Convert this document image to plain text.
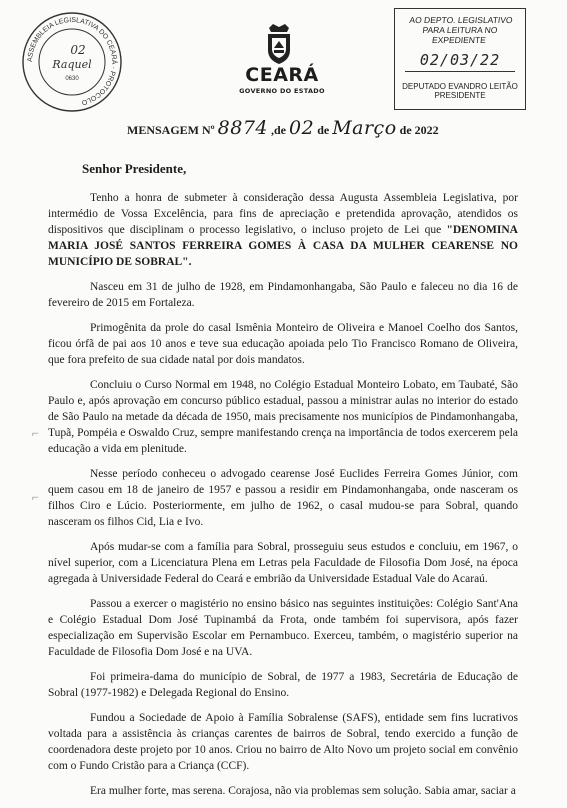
ASSEMBLEIA LEGISLATIVA DO CEARÁ · PROTOCOLO
02
Raquel
0630
AO DEPTO. LEGISLATIVO
PARA LEITURA NO EXPEDIENTE
02/03/22
DEPUTADO EVANDRO LEITÃO
PRESIDENTE
CEARÁ
GOVERNO DO ESTADO
MENSAGEM Nº 8874 ,de 02 de Março de 2022
Senhor Presidente,
⌐
⌐

Tenho a honra de submeter à consideração dessa Augusta Assembleia Legislativa, por intermédio de Vossa Excelência, para fins de apreciação e pretendida aprovação, atendidos os dispositivos que disciplinam o processo legislativo, o incluso projeto de Lei que "DENOMINA MARIA JOSÉ SANTOS FERREIRA GOMES À CASA DA MULHER CEARENSE NO MUNICÍPIO DE SOBRAL".

Nasceu em 31 de julho de 1928, em Pindamonhangaba, São Paulo e faleceu no dia 16 de fevereiro de 2015 em Fortaleza.

Primogênita da prole do casal Ismênia Monteiro de Oliveira e Manoel Coelho dos Santos, ficou órfã de pai aos 10 anos e teve sua educação apoiada pelo Tio Francisco Romano de Oliveira, que fora prefeito de sua cidade natal por dois mandatos.

Concluiu o Curso Normal em 1948, no Colégio Estadual Monteiro Lobato, em Taubaté, São Paulo e, após aprovação em concurso público estadual, passou a ministrar aulas no interior do estado de São Paulo na metade da década de 1950, mais precisamente nos municípios de Pindamonhangaba, Tupã, Pompéia e Oswaldo Cruz, sempre manifestando crença na importância de todos exercerem pela educação a vida em plenitude.

Nesse período conheceu o advogado cearense José Euclides Ferreira Gomes Júnior, com quem casou em 18 de janeiro de 1957 e passou a residir em Pindamonhangaba, onde nasceram os filhos Ciro e Lúcio. Posteriormente, em julho de 1962, o casal mudou-se para Sobral, quando nasceram os filhos Cid, Lia e Ivo.

Após mudar-se com a família para Sobral, prosseguiu seus estudos e concluiu, em 1967, o nível superior, com a Licenciatura Plena em Letras pela Faculdade de Filosofia Dom José, na época agregada à Universidade Federal do Ceará e embrião da Universidade Estadual Vale do Acaraú.

Passou a exercer o magistério no ensino básico nas seguintes instituições: Colégio Sant'Ana e Colégio Estadual Dom José Tupinambá da Frota, onde também foi supervisora, após fazer especialização em Supervisão Escolar em Pernambuco. Exerceu, também, o magistério superior na Faculdade de Filosofia Dom José e na UVA.

Foi primeira-dama do município de Sobral, de 1977 a 1983, Secretária de Educação de Sobral (1977-1982) e Delegada Regional do Ensino.

Fundou a Sociedade de Apoio à Família Sobralense (SAFS), entidade sem fins lucrativos voltada para a assistência às crianças carentes de bairros de Sobral, tendo exercido a função de coordenadora deste projeto por 10 anos. Criou no bairro de Alto Novo um projeto social em convênio com o Fundo Cristão para a Criança (CCF).

Era mulher forte, mas serena. Corajosa, não via problemas sem solução. Sabia amar, saciar a
